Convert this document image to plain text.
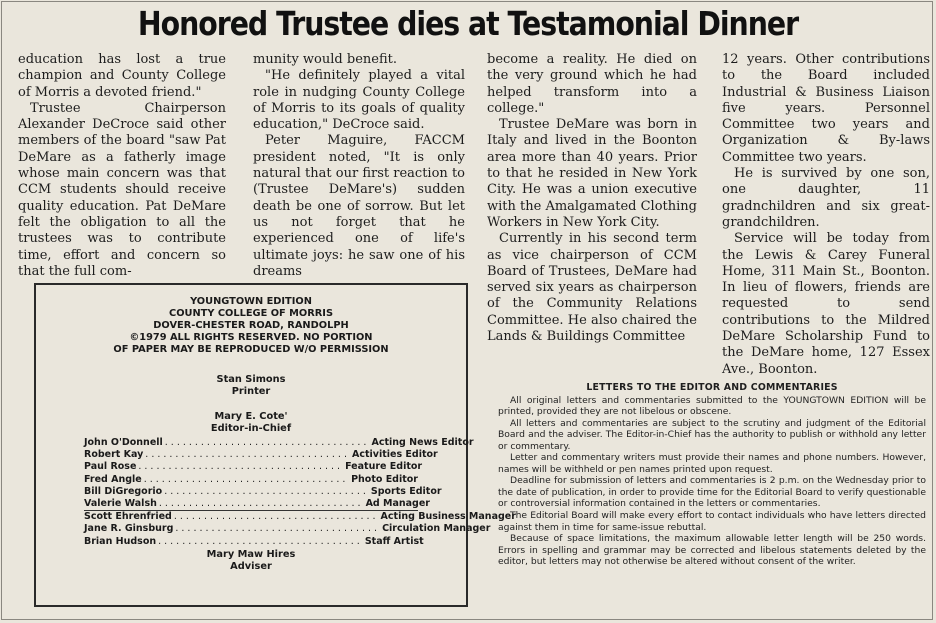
Honored Trustee dies at Testamonial Dinner

education has lost a true champion and County College of Morris a devoted friend."

Trustee Chairperson Alexander DeCroce said other members of the board "saw Pat DeMare as a fatherly image whose main concern was that CCM students should receive quality education. Pat DeMare felt the obligation to all the trustees was to contribute time, effort and concern so that the full com-

munity would benefit.

"He definitely played a vital role in nudging County College of Morris to its goals of quality education," DeCroce said.

Peter Maguire, FACCM president noted, "It is only natural that our first reaction to (Trustee DeMare's) sudden death be one of sorrow. But let us not forget that he experienced one of life's ultimate joys: he saw one of his dreams

become a reality. He died on the very ground which he had helped transform into a college."

Trustee DeMare was born in Italy and lived in the Boonton area more than 40 years. Prior to that he resided in New York City. He was a union executive with the Amalgamated Clothing Workers in New York City.

Currently in his second term as vice chairperson of CCM Board of Trustees, DeMare had served six years as chairperson of the Community Relations Committee. He also chaired the Lands & Buildings Committee

12 years. Other contributions to the Board included Industrial & Business Liaison five years. Personnel Committee two years and Organization & By-laws Committee two years.

He is survived by one son, one daughter, 11 gradnchildren and six great-grandchildren.

Service will be today from the Lewis & Carey Funeral Home, 311 Main St., Boonton. In lieu of flowers, friends are requested to send contributions to the Mildred DeMare Scholarship Fund to the DeMare home, 127 Essex Ave., Boonton.

YOUNGTOWN EDITION
COUNTY COLLEGE OF MORRIS
DOVER-CHESTER ROAD, RANDOLPH
©1979 ALL RIGHTS RESERVED. NO PORTION
OF PAPER MAY BE REPRODUCED W/O PERMISSION
Stan Simons
Printer
Mary E. Cote'
Editor-in-Chief
John O'Donnell .................................. Acting News Editor
Robert Kay .................................. Activities Editor
Paul Rose .................................. Feature Editor
Fred Angle .................................. Photo Editor
Bill DiGregorio .................................. Sports Editor
Valerie Walsh .................................. Ad Manager
Scott Ehrenfried .................................. Acting Business Manager
Jane R. Ginsburg .................................. Circulation Manager
Brian Hudson .................................. Staff Artist
Mary Maw Hires
Adviser
LETTERS TO THE EDITOR AND COMMENTARIES

All original letters and commentaries submitted to the YOUNGTOWN EDITION will be printed, provided they are not libelous or obscene.

All letters and commentaries are subject to the scrutiny and judgment of the Editorial Board and the adviser. The Editor-in-Chief has the authority to publish or withhold any letter or commentary.

Letter and commentary writers must provide their names and phone numbers. However, names will be withheld or pen names printed upon request.

Deadline for submission of letters and commentaries is 2 p.m. on the Wednesday prior to the date of publication, in order to provide time for the Editorial Board to verify questionable or controversial information contained in the letters or commentaries.

The Editorial Board will make every effort to contact individuals who have letters directed against them in time for same-issue rebuttal.

Because of space limitations, the maximum allowable letter length will be 250 words. Errors in spelling and grammar may be corrected and libelous statements deleted by the editor, but letters may not otherwise be altered without consent of the writer.
